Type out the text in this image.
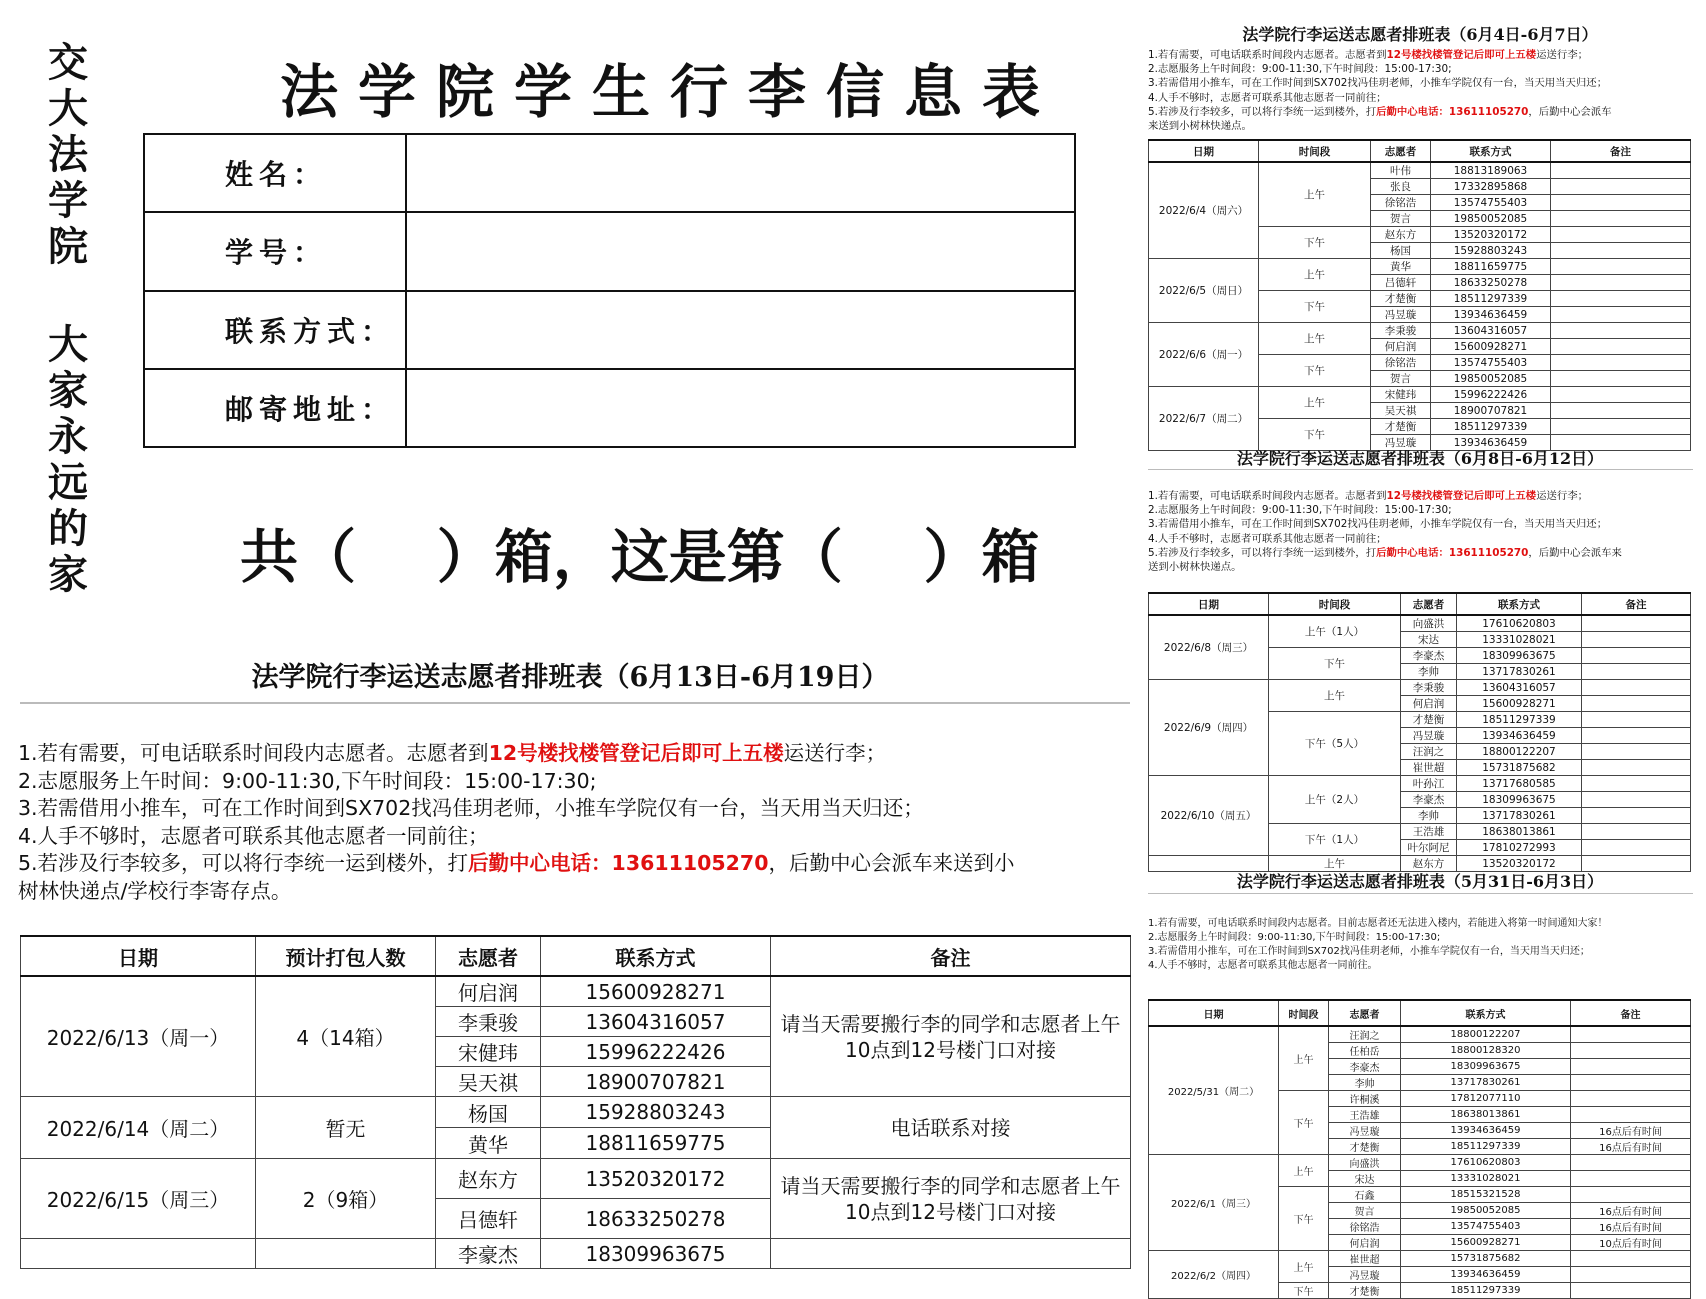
交
大
法
学
院
大
家
永
远
的
家
法学院学生行李信息表
姓名：	
学号：	
联系方式：	
邮寄地址：	
共（    ）箱，这是第（    ）箱
法学院行李运送志愿者排班表（6月13日-6月19日）
1.若有需要，可电话联系时间段内志愿者。志愿者到12号楼找楼管登记后即可上五楼运送行李；
2.志愿服务上午时间：9:00-11:30,下午时间段：15:00-17:30;
3.若需借用小推车，可在工作时间到SX702找冯佳玥老师，小推车学院仅有一台，当天用当天归还；
4.人手不够时，志愿者可联系其他志愿者一同前往；
5.若涉及行李较多，可以将行李统一运到楼外，打后勤中心电话：13611105270，后勤中心会派车来送到小
树林快递点/学校行李寄存点。
日期	预计打包人数	志愿者	联系方式	备注
2022/6/13（周一）	4（14箱）	何启润	15600928271	请当天需要搬行李的同学和志愿者上午10点到12号楼门口对接
		李秉骏	13604316057	
		宋健玮	15996222426	
		吴天祺	18900707821	
2022/6/14（周二）	暂无	杨国	15928803243	电话联系对接
		黄华	18811659775	
2022/6/15（周三）	2（9箱）	赵东方	13520320172	请当天需要搬行李的同学和志愿者上午10点到12号楼门口对接
		吕德轩	18633250278	
		李豪杰	18309963675	
法学院行李运送志愿者排班表（6月4日-6月7日）
1.若有需要，可电话联系时间段内志愿者。志愿者到12号楼找楼管登记后即可上五楼运送行李；
2.志愿服务上午时间段：9:00-11:30,下午时间段：15:00-17:30;
3.若需借用小推车，可在工作时间到SX702找冯佳玥老师，小推车学院仅有一台，当天用当天归还；
4.人手不够时，志愿者可联系其他志愿者一同前往；
5.若涉及行李较多，可以将行李统一运到楼外，打后勤中心电话：13611105270，后勤中心会派车
来送到小树林快递点。
日期	时间段	志愿者	联系方式	备注
2022/6/4（周六）	上午	叶伟	18813189063	
		张良	17332895868	
		徐铭浩	13574755403	
		贺言	19850052085	
	下午	赵东方	13520320172	
		杨国	15928803243	
2022/6/5（周日）	上午	黄华	18811659775	
		吕德轩	18633250278	
	下午	才楚衡	18511297339	
		冯昱璇	13934636459	
2022/6/6（周一）	上午	李秉骏	13604316057	
		何启润	15600928271	
	下午	徐铭浩	13574755403	
		贺言	19850052085	
2022/6/7（周二）	上午	宋健玮	15996222426	
		吴天祺	18900707821	
	下午	才楚衡	18511297339	
		冯昱璇	13934636459	
法学院行李运送志愿者排班表（6月8日-6月12日）
1.若有需要，可电话联系时间段内志愿者。志愿者到12号楼找楼管登记后即可上五楼运送行李；
2.志愿服务上午时间段：9:00-11:30,下午时间段：15:00-17:30;
3.若需借用小推车，可在工作时间到SX702找冯佳玥老师，小推车学院仅有一台，当天用当天归还；
4.人手不够时，志愿者可联系其他志愿者一同前往；
5.若涉及行李较多，可以将行李统一运到楼外，打后勤中心电话：13611105270，后勤中心会派车来
送到小树林快递点。
日期	时间段	志愿者	联系方式	备注
2022/6/8（周三）	上午（1人）	向盛洪	17610620803	
		宋达	13331028021	
	下午	李豪杰	18309963675	
		李帅	13717830261	
2022/6/9（周四）	上午	李秉骏	13604316057	
		何启润	15600928271	
	下午（5人）	才楚衡	18511297339	
		冯昱璇	13934636459	
		汪润之	18800122207	
		崔世超	15731875682	
2022/6/10（周五）	上午（2人）	叶孙江	13717680585	
		李豪杰	18309963675	
		李帅	13717830261	
	下午（1人）	王浩雄	18638013861	
		叶尔阿尼	17810272993	
	上午	赵东方	13520320172	
法学院行李运送志愿者排班表（5月31日-6月3日）
1.若有需要，可电话联系时间段内志愿者。目前志愿者还无法进入楼内，若能进入将第一时间通知大家！
2.志愿服务上午时间段：9:00-11:30,下午时间段：15:00-17:30;
3.若需借用小推车，可在工作时间到SX702找冯佳玥老师，小推车学院仅有一台，当天用当天归还；
4.人手不够时，志愿者可联系其他志愿者一同前往。
日期	时间段	志愿者	联系方式	备注
2022/5/31（周二）	上午	汪润之	18800122207	
		任柏岳	18800128320	
		李豪杰	18309963675	
		李帅	13717830261	
	下午	许桐溪	17812077110	
		王浩雄	18638013861	
		冯昱璇	13934636459	16点后有时间
		才楚衡	18511297339	16点后有时间
2022/6/1（周三）	上午	向盛洪	17610620803	
		宋达	13331028021	
	下午	石鑫	18515321528	
		贺言	19850052085	16点后有时间
		徐铭浩	13574755403	16点后有时间
		何启润	15600928271	10点后有时间
2022/6/2（周四）	上午	崔世超	15731875682	
		冯昱璇	13934636459	
	下午	才楚衡	18511297339	
